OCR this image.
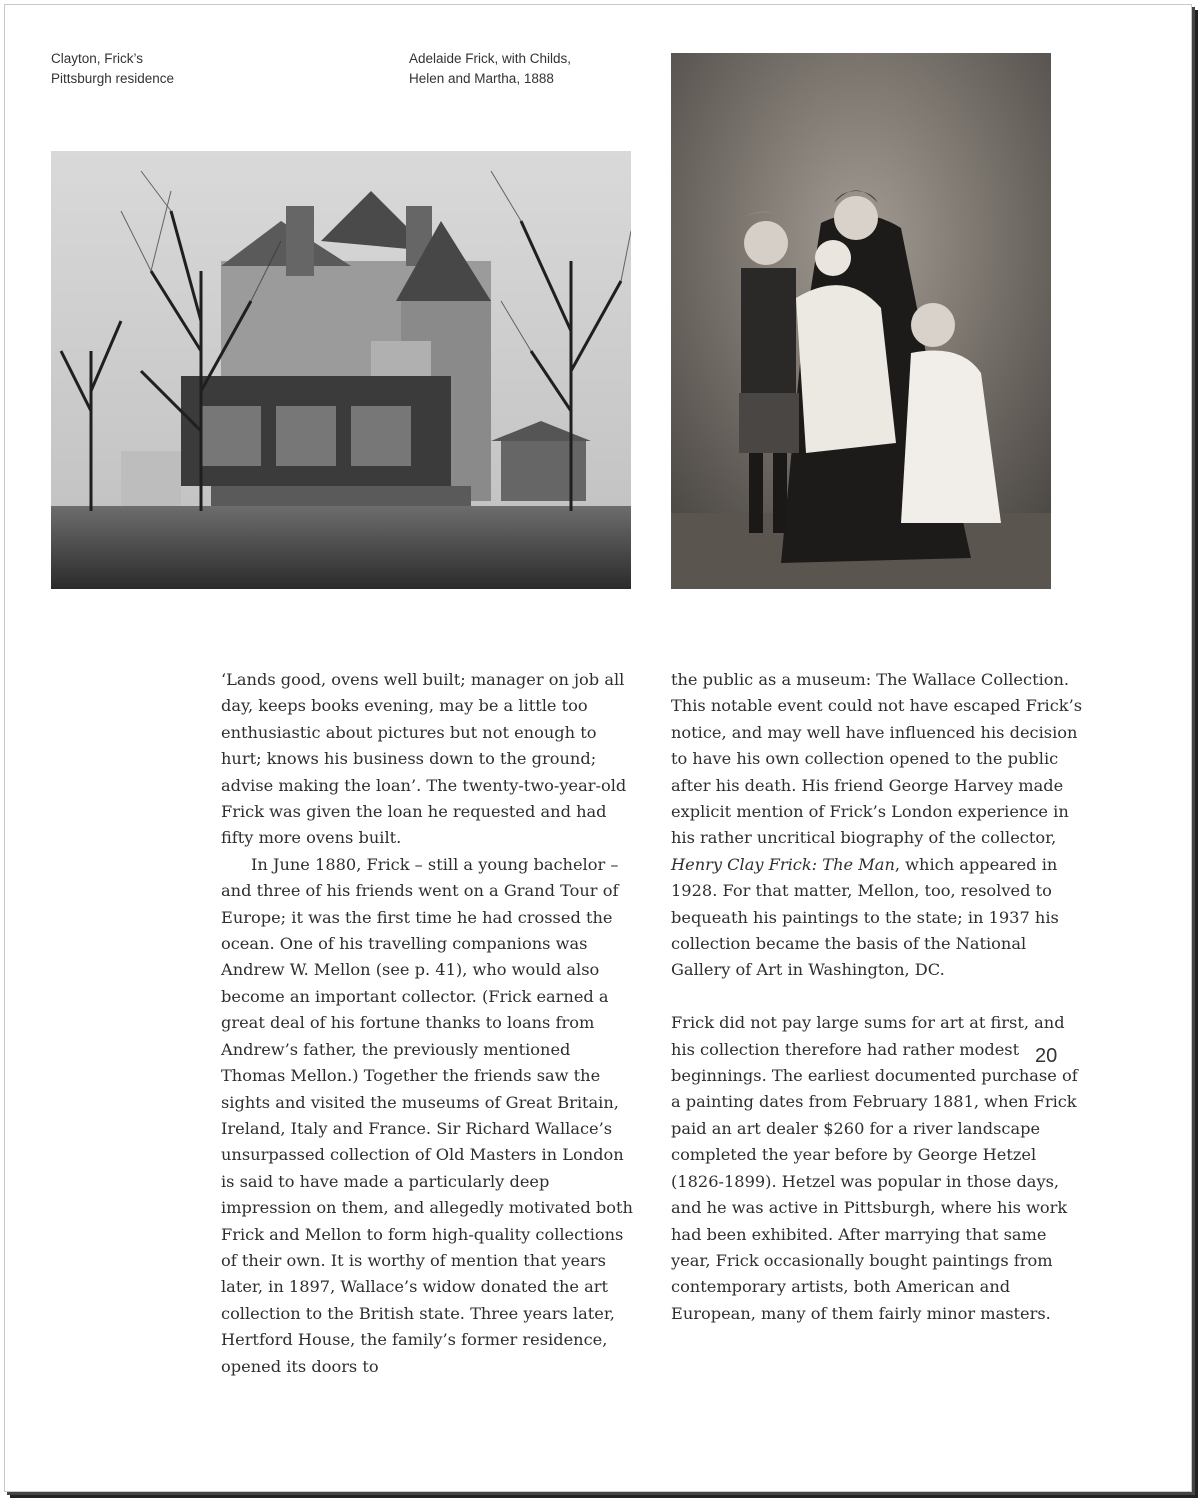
Clayton, Frick’s
Pittsburgh residence
Adelaide Frick, with Childs,
Helen and Martha, 1888

‘Lands good, ovens well built; manager on job all day, keeps books evening, may be a little too enthusiastic about pictures but not enough to hurt; knows his business down to the ground; advise making the loan’. The twenty-two-year-old Frick was given the loan he requested and had fifty more ovens built.

In June 1880, Frick – still a young bachelor – and three of his friends went on a Grand Tour of Europe; it was the first time he had crossed the ocean. One of his travelling companions was Andrew W. Mellon (see p. 41), who would also become an important collector. (Frick earned a great deal of his fortune thanks to loans from Andrew’s father, the previously mentioned Thomas Mellon.) Together the friends saw the sights and visited the museums of Great Britain, Ireland, Italy and France. Sir Richard Wallace’s unsurpassed collection of Old Masters in London is said to have made a particularly deep impression on them, and allegedly motivated both Frick and Mellon to form high-quality collections of their own. It is worthy of mention that years later, in 1897, Wallace’s widow donated the art collection to the British state. Three years later, Hertford House, the family’s former residence, opened its doors to

the public as a museum: The Wallace Collection. This notable event could not have escaped Frick’s notice, and may well have influenced his decision to have his own collection opened to the public after his death. His friend George Harvey made explicit mention of Frick’s London experience in his rather uncritical biography of the collector, Henry Clay Frick: The Man, which appeared in 1928. For that matter, Mellon, too, resolved to bequeath his paintings to the state; in 1937 his collection became the basis of the National Gallery of Art in Washington, DC.

Frick did not pay large sums for art at first, and his collection therefore had rather modest beginnings. The earliest documented purchase of a painting dates from February 1881, when Frick paid an art dealer $260 for a river landscape completed the year before by George Hetzel (1826-1899). Hetzel was popular in those days, and he was active in Pittsburgh, where his work had been exhibited. After marrying that same year, Frick occasionally bought paintings from contemporary artists, both American and European, many of them fairly minor masters.

20
